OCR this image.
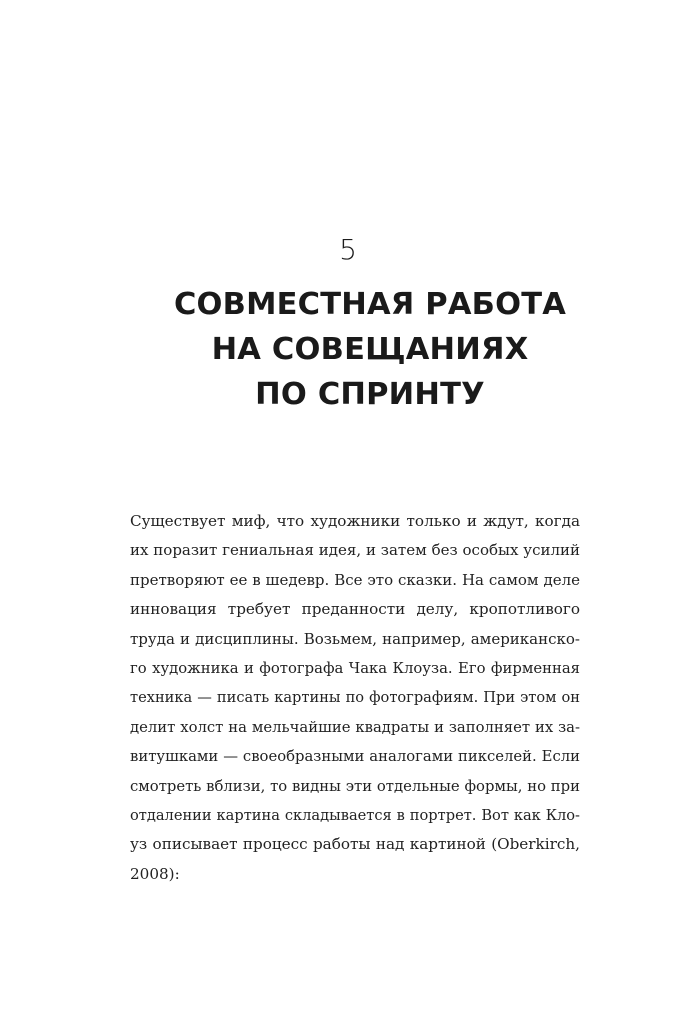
5
СОВМЕСТНАЯ РАБОТА
НА СОВЕЩАНИЯХ
ПО СПРИНТУ
Существует миф, что художники только и ждут, когда
их поразит гениальная идея, и затем без особых усилий
претворяют ее в шедевр. Все это сказки. На самом деле
инновация требует преданности делу, кропотливого
труда и дисциплины. Возьмем, например, американско-
го художника и фотографа Чака Клоуза. Его фирменная
техника — писать картины по фотографиям. При этом он
делит холст на мельчайшие квадраты и заполняет их за-
витушками — своеобразными аналогами пикселей. Если
смотреть вблизи, то видны эти отдельные формы, но при
отдалении картина складывается в портрет. Вот как Кло-
уз описывает процесс работы над картиной (Oberkirch,
2008):
